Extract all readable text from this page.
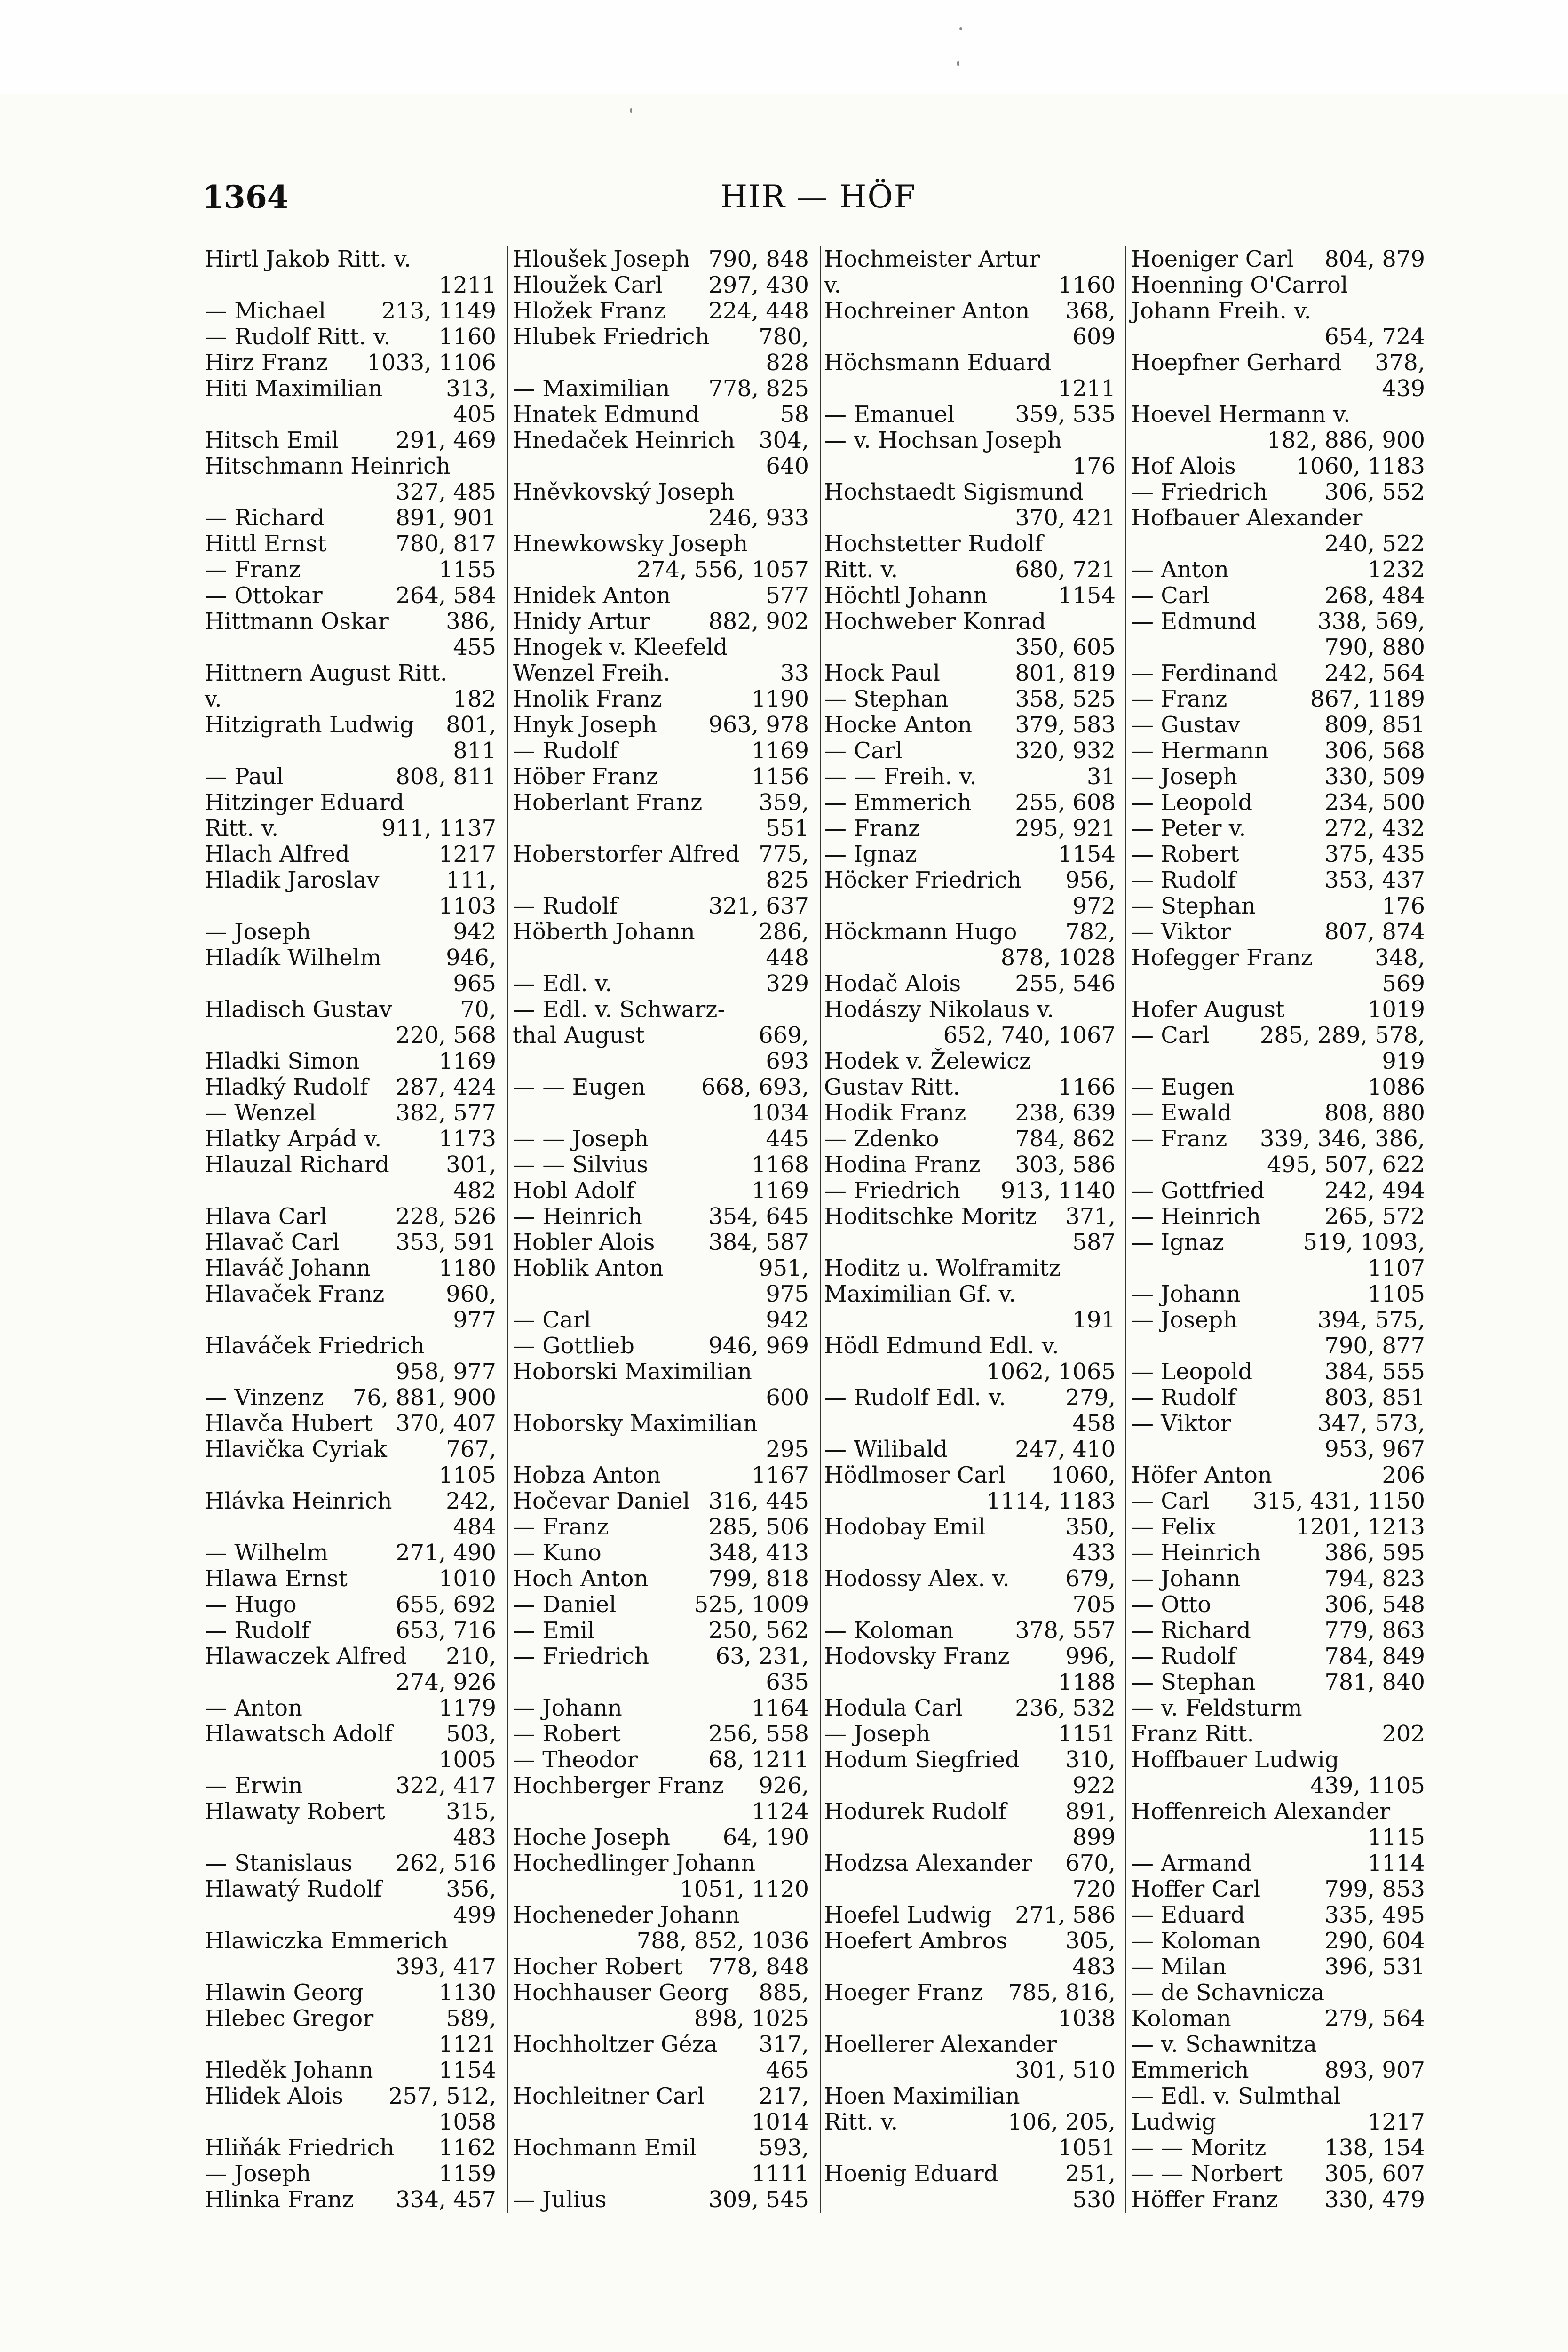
1364	HIR — HÖF
Hirtl Jakob Ritt. v.
1211
— Michael 213, 1149
— Rudolf Ritt. v. 1160
Hirz Franz 1033, 1106
Hiti Maximilian	313,
405
Hitsch Emil	291, 469
Hitschmann Heinrich
327, 485
— Richard	891, 901
Hittl Ernst	780, 817
— Franz	1155
— Ottokar	264, 584
Hittmann Oskar	386,
455
Hittnern August Ritt.
v.	182
Hitzigrath Ludwig 801,
811
— Paul	808, 811
Hitzinger Eduard
Ritt. v.	911, 1137
Hlach Alfred	1217
Hladik Jaroslav	111,
1103
— Joseph	942
Hladík Wilhelm	946,
965
Hladisch Gustav	70,
220, 568
Hladki Simon	1169
Hladký Rudolf 287, 424
— Wenzel	382, 577
Hlatky Arpád v.	1173
Hlauzal Richard	301,
482
Hlava Carl	228, 526
Hlavač Carl 353, 591
Hlaváč Johann	1180
Hlavaček Franz	960,
977
Hlaváček Friedrich
958, 977
— Vinzenz 76, 881, 900
Hlavča Hubert 370, 407
Hlavička Cyriak	767,
1105
Hlávka Heinrich 242,
484
— Wilhelm	271, 490
Hlawa Ernst	1010
— Hugo	655, 692
— Rudolf	653, 716
Hlawaczek Alfred 210,
274, 926
— Anton	1179
Hlawatsch Adolf 503,
1005
— Erwin	322, 417
Hlawaty Robert	315,
483
— Stanislaus 262, 516
Hlawatý Rudolf	356,
499
Hlawiczka Emmerich
393, 417
Hlawin Georg	1130
Hlebec Gregor	589,
1121
Hleděk Johann	1154
Hlidek Alois 257, 512,
1058
Hliňák Friedrich 1162
— Joseph	1159
Hlinka Franz 334, 457
Hloušek Joseph 790, 848
Hloužek Carl 297, 430
Hložek Franz 224, 448
Hlubek Friedrich 780,
828
— Maximilian 778, 825
Hnatek Edmund	58
Hnedaček Heinrich 304,
640
Hněvkovský Joseph
246, 933
Hnewkowsky Joseph
274, 556, 1057
Hnidek Anton	577
Hnidy Artur	882, 902
Hnogek v. Kleefeld
Wenzel Freih.	33
Hnolik Franz	1190
Hnyk Joseph 963, 978
— Rudolf	1169
Höber Franz	1156
Hoberlant Franz 359,
551
Hoberstorfer Alfred 775,
825
— Rudolf	321, 637
Höberth Johann	286,
448
— Edl. v.	329
— Edl. v. Schwarz-
thal August	669,
693
— — Eugen 668, 693,
1034
— — Joseph	445
— — Silvius	1168
Hobl Adolf	1169
— Heinrich	354, 645
Hobler Alois 384, 587
Hoblik Anton	951,
975
— Carl	942
— Gottlieb	946, 969
Hoborski Maximilian
600
Hoborsky Maximilian
295
Hobza Anton	1167
Hočevar Daniel 316, 445
— Franz	285, 506
— Kuno	348, 413
Hoch Anton	799, 818
— Daniel	525, 1009
— Emil	250, 562
— Friedrich	63, 231,
635
— Johann	1164
— Robert	256, 558
— Theodor	68, 1211
Hochberger Franz 926,
1124
Hoche Joseph 64, 190
Hochedlinger Johann
1051, 1120
Hocheneder Johann
788, 852, 1036
Hocher Robert 778, 848
Hochhauser Georg 885,
898, 1025
Hochholtzer Géza 317,
465
Hochleitner Carl 217,
1014
Hochmann Emil	593,
1111
— Julius	309, 545
Hochmeister Artur
v.	1160
Hochreiner Anton 368,
609
Höchsmann Eduard
1211
— Emanuel	359, 535
— v. Hochsan Joseph
176
Hochstaedt Sigismund
370, 421
Hochstetter Rudolf
Ritt. v.	680, 721
Höchtl Johann	1154
Hochweber Konrad
350, 605
Hock Paul	801, 819
— Stephan	358, 525
Hocke Anton 379, 583
— Carl	320, 932
— — Freih. v.	31
— Emmerich 255, 608
— Franz	295, 921
— Ignaz	1154
Höcker Friedrich 956,
972
Höckmann Hugo 782,
878, 1028
Hodač Alois 255, 546
Hodászy Nikolaus v.
652, 740, 1067
Hodek v. Želewicz
Gustav Ritt.	1166
Hodik Franz 238, 639
— Zdenko	784, 862
Hodina Franz 303, 586
— Friedrich 913, 1140
Hoditschke Moritz 371,
587
Hoditz u. Wolframitz
Maximilian Gf. v.
191
Hödl Edmund Edl. v.
1062, 1065
— Rudolf Edl. v.	279,
458
— Wilibald	247, 410
Hödlmoser Carl 1060,
1114, 1183
Hodobay Emil	350,
433
Hodossy Alex. v. 679,
705
— Koloman	378, 557
Hodovsky Franz 996,
1188
Hodula Carl 236, 532
— Joseph	1151
Hodum Siegfried 310,
922
Hodurek Rudolf	891,
899
Hodzsa Alexander 670,
720
Hoefel Ludwig 271, 586
Hoefert Ambros	305,
483
Hoeger Franz 785, 816,
1038
Hoellerer Alexander
301, 510
Hoen Maximilian
Ritt. v.	106, 205,
1051
Hoenig Eduard	251,
530
Hoeniger Carl 804, 879
Hoenning O'Carrol
Johann Freih. v.
654, 724
Hoepfner Gerhard 378,
439
Hoevel Hermann v.
182, 886, 900
Hof Alois	1060, 1183
— Friedrich	306, 552
Hofbauer Alexander
240, 522
— Anton	1232
— Carl	268, 484
— Edmund	338, 569,
790, 880
— Ferdinand 242, 564
— Franz	867, 1189
— Gustav	809, 851
— Hermann 306, 568
— Joseph	330, 509
— Leopold	234, 500
— Peter v.	272, 432
— Robert	375, 435
— Rudolf	353, 437
— Stephan	176
— Viktor	807, 874
Hofegger Franz	348,
569
Hofer August	1019
— Carl 285, 289, 578,
919
— Eugen	1086
— Ewald	808, 880
— Franz 339, 346, 386,
495, 507, 622
— Gottfried	242, 494
— Heinrich	265, 572
— Ignaz	519, 1093,
1107
— Johann	1105
— Joseph	394, 575,
790, 877
— Leopold	384, 555
— Rudolf	803, 851
— Viktor	347, 573,
953, 967
Höfer Anton	206
— Carl 315, 431, 1150
— Felix	1201, 1213
— Heinrich	386, 595
— Johann	794, 823
— Otto	306, 548
— Richard	779, 863
— Rudolf	784, 849
— Stephan	781, 840
— v. Feldsturm
Franz Ritt.	202
Hoffbauer Ludwig
439, 1105
Hoffenreich Alexander
1115
— Armand	1114
Hoffer Carl	799, 853
— Eduard	335, 495
— Koloman	290, 604
— Milan	396, 531
— de Schavnicza
Koloman	279, 564
— v. Schawnitza
Emmerich	893, 907
— Edl. v. Sulmthal
Ludwig	1217
— — Moritz	138, 154
— — Norbert 305, 607
Höffer Franz 330, 479
